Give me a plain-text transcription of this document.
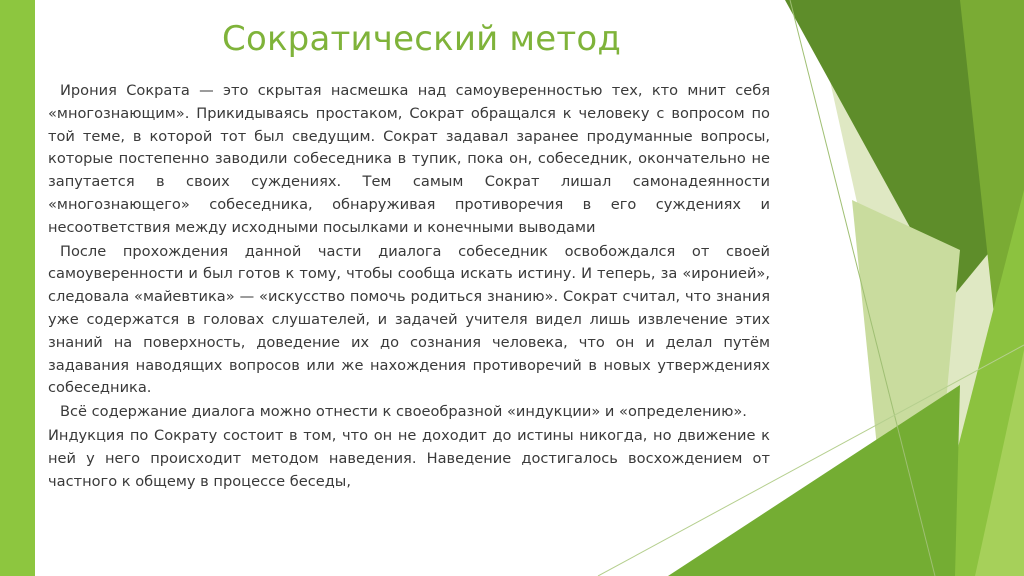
Сократический метод

Ирония Сократа — это скрытая насмешка над самоуверенностью тех, кто мнит себя «многознающим». Прикидываясь простаком, Сократ обращался к человеку с вопросом по той теме, в которой тот был сведущим. Сократ задавал заранее продуманные вопросы, которые постепенно заводили собеседника в тупик, пока он, собеседник, окончательно не запутается в своих суждениях. Тем самым Сократ лишал самонадеянности «многознающего» собеседника, обнаруживая противоречия в его суждениях и несоответствия между исходными посылками и конечными выводами

После прохождения данной части диалога собеседник освобождался от своей самоуверенности и был готов к тому, чтобы сообща искать истину. И теперь, за «иронией», следовала «майевтика» — «искусство помочь родиться знанию». Сократ считал, что знания уже содержатся в головах слушателей, и задачей учителя видел лишь извлечение этих знаний на поверхность, доведение их до сознания человека, что он и делал путём задавания наводящих вопросов или же нахождения противоречий в новых утверждениях собеседника.

Всё содержание диалога можно отнести к своеобразной «индукции» и «определению».

Индукция по Сократу состоит в том, что он не доходит до истины никогда, но движение к ней у него происходит методом наведения. Наведение достигалось восхождением от частного к общему в процессе беседы,
